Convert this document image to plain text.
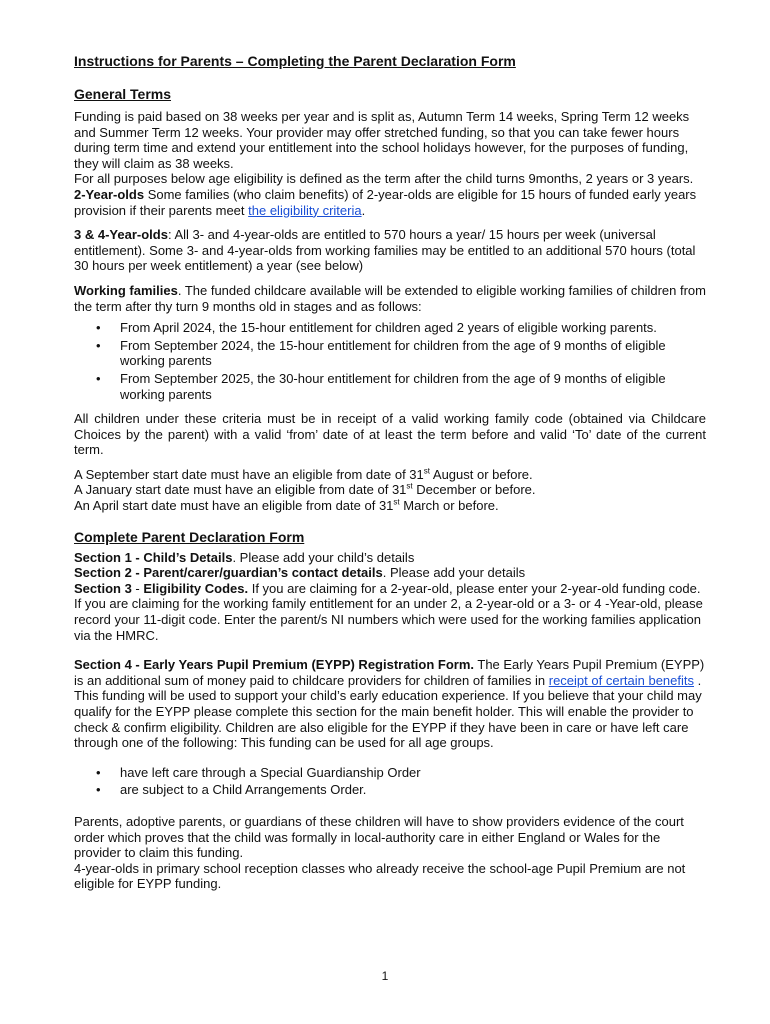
Instructions for Parents – Completing the Parent Declaration Form
General Terms

Funding is paid based on 38 weeks per year and is split as, Autumn Term 14 weeks, Spring Term 12 weeks and Summer Term 12 weeks. Your provider may offer stretched funding, so that you can take fewer hours during term time and extend your entitlement into the school holidays however, for the purposes of funding, they will claim as 38 weeks.

For all purposes below age eligibility is defined as the term after the child turns 9months, 2 years or 3 years.

2-Year-olds Some families (who claim benefits) of 2-year-olds are eligible for 15 hours of funded early years provision if their parents meet the eligibility criteria.

3 & 4-Year-olds: All 3- and 4-year-olds are entitled to 570 hours a year/ 15 hours per week (universal entitlement). Some 3- and 4-year-olds from working families may be entitled to an additional 570 hours (total 30 hours per week entitlement) a year (see below)

Working families. The funded childcare available will be extended to eligible working families of children from the term after thy turn 9 months old in stages and as follows:

• From April 2024, the 15-hour entitlement for children aged 2 years of eligible working parents.
• From September 2024, the 15-hour entitlement for children from the age of 9 months of eligible working parents
• From September 2025, the 30-hour entitlement for children from the age of 9 months of eligible working parents

All children under these criteria must be in receipt of a valid working family code (obtained via Childcare Choices by the parent) with a valid ‘from’ date of at least the term before and valid ‘To’ date of the current term.

A September start date must have an eligible from date of 31st August or before.
A January start date must have an eligible from date of 31st December or before.
An April start date must have an eligible from date of 31st March or before.

Complete Parent Declaration Form

Section 1 - Child’s Details. Please add your child’s details

Section 2 - Parent/carer/guardian’s contact details. Please add your details

Section 3 - Eligibility Codes. If you are claiming for a 2-year-old, please enter your 2-year-old funding code. If you are claiming for the working family entitlement for an under 2, a 2-year-old or a 3- or 4 -Year-old, please record your 11-digit code. Enter the parent/s NI numbers which were used for the working families application via the HMRC.

Section 4 - Early Years Pupil Premium (EYPP) Registration Form. The Early Years Pupil Premium (EYPP) is an additional sum of money paid to childcare providers for children of families in receipt of certain benefits . This funding will be used to support your child’s early education experience. If you believe that your child may qualify for the EYPP please complete this section for the main benefit holder. This will enable the provider to check & confirm eligibility. Children are also eligible for the EYPP if they have been in care or have left care through one of the following: This funding can be used for all age groups.

• have left care through a Special Guardianship Order
• are subject to a Child Arrangements Order.

Parents, adoptive parents, or guardians of these children will have to show providers evidence of the court order which proves that the child was formally in local-authority care in either England or Wales for the provider to claim this funding.

4-year-olds in primary school reception classes who already receive the school-age Pupil Premium are not eligible for EYPP funding.

1
